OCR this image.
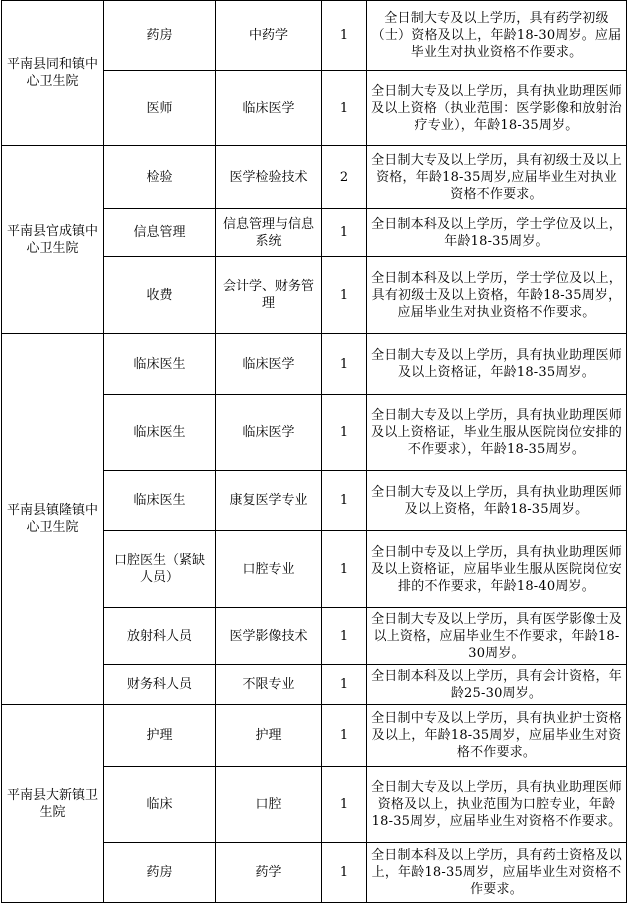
平南县同和镇中心卫生院	药房	中药学	1	全日制大专及以上学历，具有药学初级（士）资格及以上，年龄18-30周岁。应届毕业生对执业资格不作要求。
	医师	临床医学	1	全日制大专及以上学历，具有执业助理医师及以上资格（执业范围：医学影像和放射治疗专业），年龄18-35周岁。
平南县官成镇中心卫生院	检验	医学检验技术	2	全日制大专及以上学历，具有初级士及以上资格，年龄18-35周岁,应届毕业生对执业资格不作要求。
	信息管理	信息管理与信息系统	1	全日制本科及以上学历，学士学位及以上，年龄18-35周岁。
	收费	会计学、财务管理	1	全日制本科及以上学历，学士学位及以上，具有初级士及以上资格，年龄18-35周岁，应届毕业生对执业资格不作要求。
平南县镇隆镇中心卫生院	临床医生	临床医学	1	全日制大专及以上学历，具有执业助理医师及以上资格证，年龄18-35周岁。
	临床医生	临床医学	1	全日制大专及以上学历，具有执业助理医师及以上资格证，毕业生服从医院岗位安排的不作要求），年龄18-35周岁。
	临床医生	康复医学专业	1	全日制大专及以上学历，具有执业助理医师及以上资格，年龄18-35周岁。
	口腔医生（紧缺人员）	口腔专业	1	全日制中专及以上学历，具有执业助理医师及以上资格证，应届毕业生服从医院岗位安排的不作要求，年龄18-40周岁。
	放射科人员	医学影像技术	1	全日制大专及以上学历，具有医学影像士及以上资格，应届毕业生不作要求，年龄18-30周岁。
	财务科人员	不限专业	1	全日制本科及以上学历，具有会计资格，年龄25-30周岁。
平南县大新镇卫生院	护理	护理	1	全日制中专及以上学历，具有执业护士资格及以上，年龄18-35周岁，应届毕业生对资格不作要求。
	临床	口腔	1	全日制大专及以上学历，具有执业助理医师资格及以上，执业范围为口腔专业，年龄18-35周岁，应届毕业生对资格不作要求。
	药房	药学	1	全日制本科及以上学历，具有药士资格及以上，年龄18-35周岁，应届毕业生对资格不作要求。
